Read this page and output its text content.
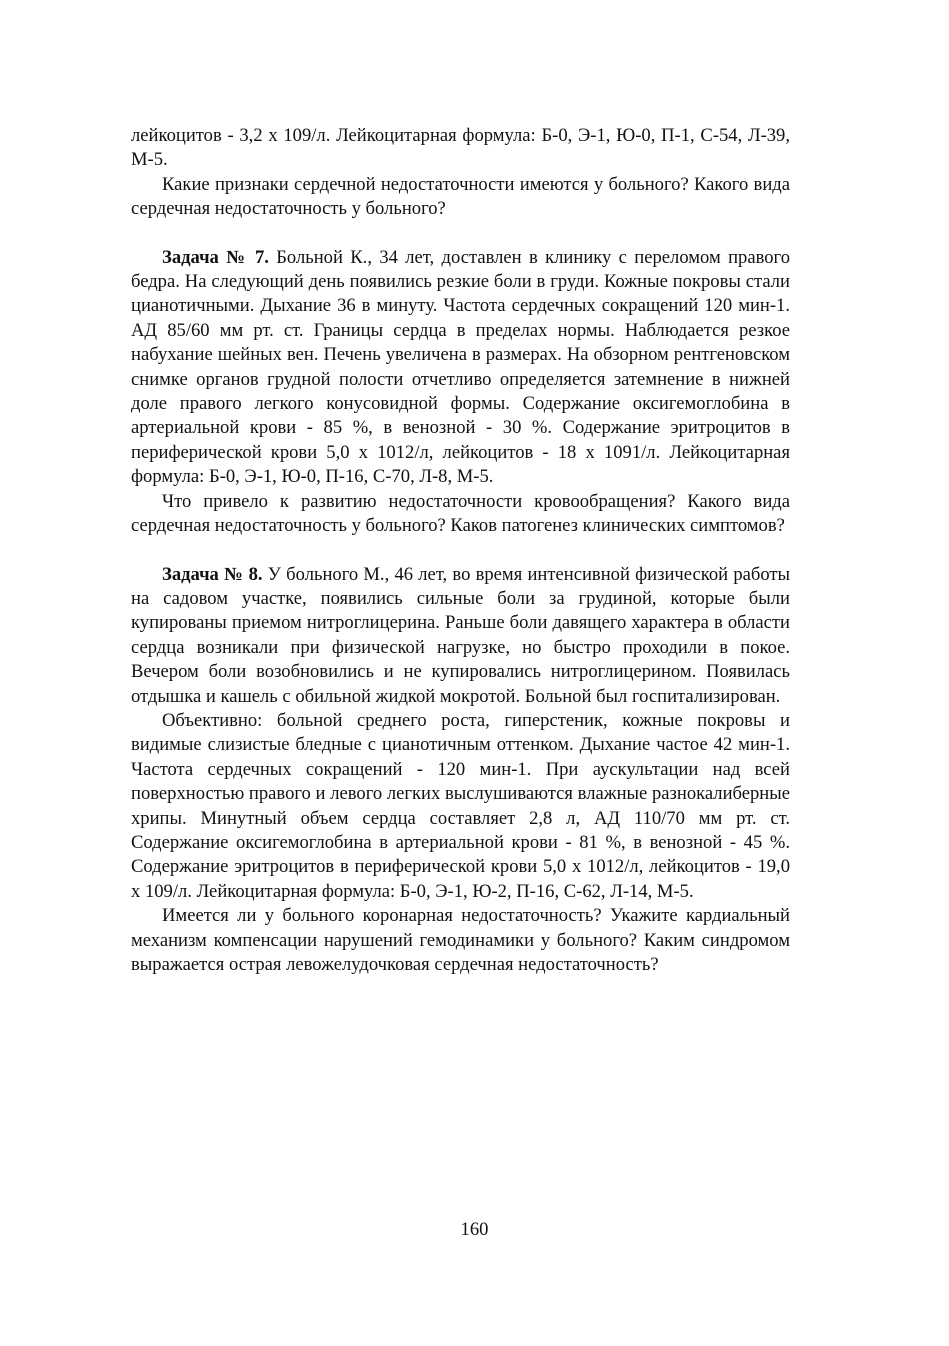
лейкоцитов - 3,2 х 109/л. Лейкоцитарная формула: Б-0, Э-1, Ю-0, П-1, С-54, Л-39, М-5.

Какие признаки сердечной недостаточности имеются у больного? Какого вида сердечная недостаточность у больного?

Задача № 7. Больной К., 34 лет, доставлен в клинику с переломом правого бедра. На следующий день появились резкие боли в груди. Кожные покровы стали цианотичными. Дыхание 36 в минуту. Частота сердечных сокращений 120 мин-1. АД 85/60 мм рт. ст. Границы сердца в пределах нормы. Наблюдается резкое набухание шейных вен. Печень увеличена в размерах. На обзорном рентгеновском снимке органов грудной полости отчетливо определяется затемнение в нижней доле правого легкого конусовидной формы. Содержание оксигемоглобина в артериальной крови - 85 %, в венозной - 30 %. Содержание эритроцитов в периферической крови 5,0 х 1012/л, лейкоцитов - 18 х 1091/л. Лейкоцитарная формула: Б-0, Э-1, Ю-0, П-16, С-70, Л-8, М-5.

Что привело к развитию недостаточности кровообращения? Какого вида сердечная недостаточность у больного? Каков патогенез клинических симптомов?

Задача № 8. У больного М., 46 лет, во время интенсивной физической работы на садовом участке, появились сильные боли за грудиной, которые были купированы приемом нитроглицерина. Раньше боли давящего характера в области сердца возникали при физической нагрузке, но быстро проходили в покое. Вечером боли возобновились и не купировались нитроглицерином. Появилась отдышка и кашель с обильной жидкой мокротой. Больной был госпитализирован.

Объективно: больной среднего роста, гиперстеник, кожные покровы и видимые слизистые бледные с цианотичным оттенком. Дыхание частое 42 мин-1. Частота сердечных сокращений - 120 мин-1. При аускультации над всей поверхностью правого и левого легких выслушиваются влажные разнокалиберные хрипы. Минутный объем сердца составляет 2,8 л, АД 110/70 мм рт. ст. Содержание оксигемоглобина в артериальной крови - 81 %, в венозной - 45 %. Содержание эритроцитов в периферической крови 5,0 х 1012/л, лейкоцитов - 19,0 х 109/л. Лейкоцитарная формула: Б-0, Э-1, Ю-2, П-16, С-62, Л-14, М-5.

Имеется ли у больного коронарная недостаточность? Укажите кардиальный механизм компенсации нарушений гемодинамики у больного? Каким синдромом выражается острая левожелудочковая сердечная недостаточность?

160
